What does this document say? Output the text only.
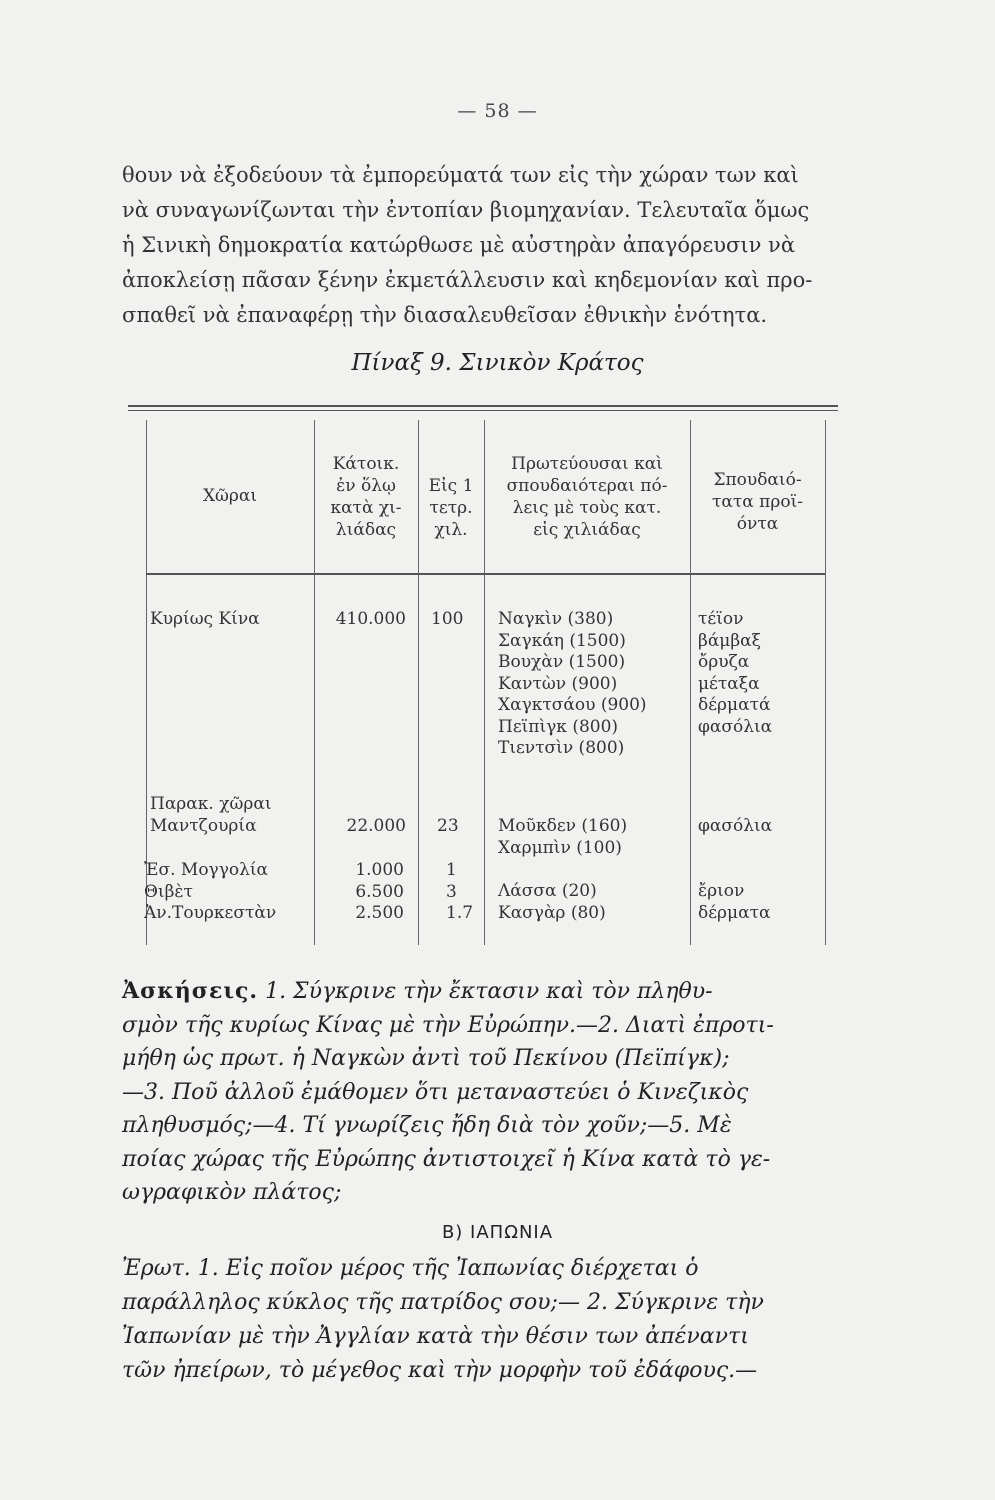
— 58 —
θουν νὰ ἐξοδεύουν τὰ ἐμπορεύματά των εἰς τὴν χώραν των καὶ
νὰ συναγωνίζωνται τὴν ἐντοπίαν βιομηχανίαν. Τελευταῖα ὅμως
ἡ Σινικὴ δημοκρατία κατώρθωσε μὲ αὐστηρὰν ἀπαγόρευσιν νὰ
ἀποκλείσῃ πᾶσαν ξένην ἐκμετάλλευσιν καὶ κηδεμονίαν καὶ προ-
σπαθεῖ νὰ ἐπαναφέρῃ τὴν διασαλευθεῖσαν ἐθνικὴν ἑνότητα.
Πίναξ 9. Σινικὸν Κράτος
Χῶραι
Κάτοικ.
ἐν ὅλῳ
κατὰ χι-
λιάδας
Εἰς 1
τετρ.
χιλ.
Πρωτεύουσαι καὶ
σπουδαιότεραι πό-
λεις μὲ τοὺς κατ.
εἰς χιλιάδας
Σπουδαιό-
τατα προϊ-
όντα
Κυρίως Κίνα	410.000 100 Ναγκὶν (380)
Σαγκάη (1500)
Βουχὰν (1500)
Καντὼν (900)
Χαγκτσάου (900)
Πεϊπὶγκ (800)
Τιεντσὶν (800)
τέϊον
βάμβαξ
ὄρυζα
μέταξα
δέρματά
φασόλια
Παρακ. χῶραι
Μαντζουρία	22.000 23 Μοῦκδεν (160)
Χαρμπὶν (100)
φασόλια
Ἐσ. Μογγολία
Θιβὲτ
Ἀν.Τουρκεστὰν
1.000
6.500
2.500
1
3
1.7
Λάσσα (20)
Κασγὰρ (80)
ἔριον
δέρματα
Ἀσκήσεις. 1. Σύγκρινε τὴν ἔκτασιν καὶ τὸν πληθυ-
σμὸν τῆς κυρίως Κίνας μὲ τὴν Εὐρώπην.—2. Διατὶ ἐπροτι-
μήθη ὡς πρωτ. ἡ Ναγκὼν ἀντὶ τοῦ Πεκίνου (Πεϊπίγκ);
—3. Ποῦ ἀλλοῦ ἐμάθομεν ὅτι μεταναστεύει ὁ Κινεζικὸς
πληθυσμός;—4. Τί γνωρίζεις ἤδη διὰ τὸν χοῦν;—5. Μὲ
ποίας χώρας τῆς Εὐρώπης ἀντιστοιχεῖ ἡ Κίνα κατὰ τὸ γε-
ωγραφικὸν πλάτος;
B) ΙΑΠΩΝΙΑ
Ἐρωτ. 1. Εἰς ποῖον μέρος τῆς Ἰαπωνίας διέρχεται ὁ
παράλληλος κύκλος τῆς πατρίδος σου;— 2. Σύγκρινε τὴν
Ἰαπωνίαν μὲ τὴν Ἀγγλίαν κατὰ τὴν θέσιν των ἀπέναντι
τῶν ἠπείρων, τὸ μέγεθος καὶ τὴν μορφὴν τοῦ ἐδάφους.—
